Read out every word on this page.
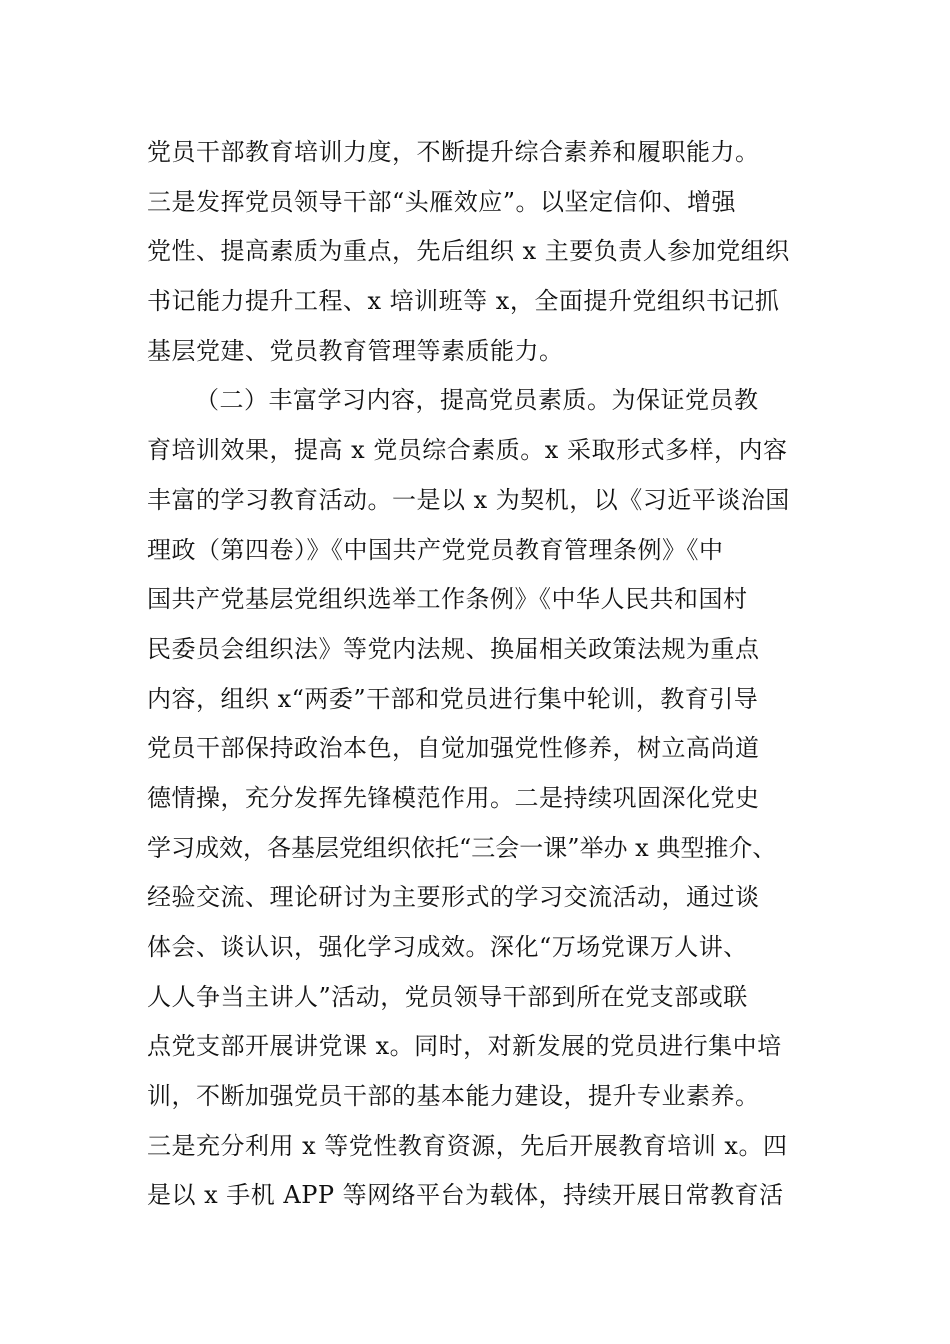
党员干部教育培训力度，不断提升综合素养和履职能力。
三是发挥党员领导干部“头雁效应”。以坚定信仰、增强
党性、提高素质为重点，先后组织 x 主要负责人参加党组织
书记能力提升工程、x 培训班等 x，全面提升党组织书记抓
基层党建、党员教育管理等素质能力。
（二）丰富学习内容，提高党员素质。为保证党员教
育培训效果，提高 x 党员综合素质。x 采取形式多样，内容
丰富的学习教育活动。一是以 x 为契机，以《习近平谈治国
理政（第四卷）》《中国共产党党员教育管理条例》《中
国共产党基层党组织选举工作条例》《中华人民共和国村
民委员会组织法》等党内法规、换届相关政策法规为重点
内容，组织 x“两委”干部和党员进行集中轮训，教育引导
党员干部保持政治本色，自觉加强党性修养，树立高尚道
德情操，充分发挥先锋模范作用。二是持续巩固深化党史
学习成效，各基层党组织依托“三会一课”举办 x 典型推介、
经验交流、理论研讨为主要形式的学习交流活动，通过谈
体会、谈认识，强化学习成效。深化“万场党课万人讲、
人人争当主讲人”活动，党员领导干部到所在党支部或联
点党支部开展讲党课 x。同时，对新发展的党员进行集中培
训，不断加强党员干部的基本能力建设，提升专业素养。
三是充分利用 x 等党性教育资源，先后开展教育培训 x。四
是以 x 手机 APP 等网络平台为载体，持续开展日常教育活
